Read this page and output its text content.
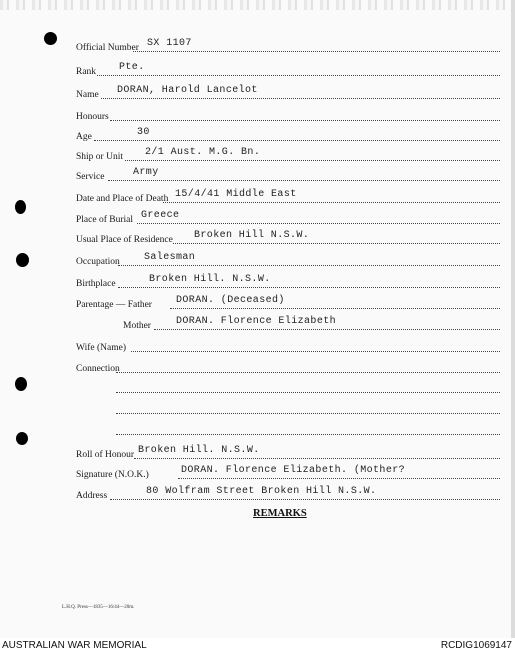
Official Number SX 1107
Rank Pte.
Name DORAN, Harold Lancelot
Honours
Age	30
Ship or Unit 2/1 Aust. M.G. Bn.
Service	Army
Date and Place of Death 15/4/41 Middle East
Place of Burial Greece
Usual Place of Residence Broken Hill N.S.W.
Occupation Salesman
Birthplace	Broken Hill. N.S.W.
Parentage — Father DORAN. (Deceased)
Mother	DORAN. Florence Elizabeth
Wife (Name)
Connection
Roll of Honour Broken Hill. N.S.W.
Signature (N.O.K.)	DORAN. Florence Elizabeth. (Mother?
Address	80 Wolfram Street Broken Hill N.S.W.
REMARKS
L.H.Q. Press—1835—16/44—20m.
AUSTRALIAN WAR MEMORIAL	RCDIG1069147
